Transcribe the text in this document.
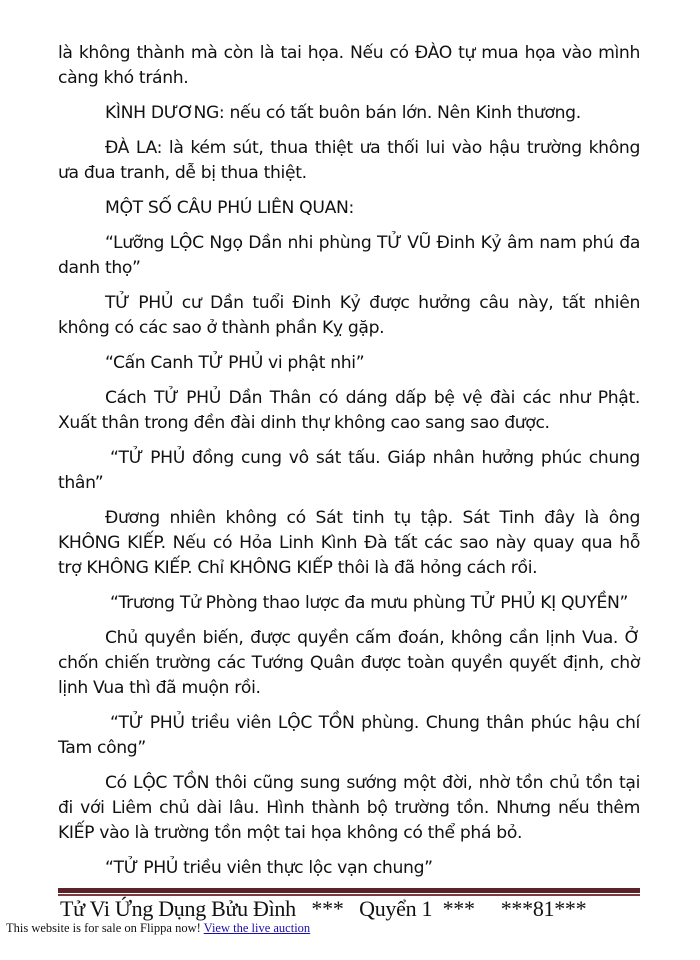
là không thành mà còn là tai họa. Nếu có ĐÀO tự mua họa vào mình càng khó tránh.

KÌNH DƯƠNG: nếu có tất buôn bán lớn. Nên Kinh thương.

ĐÀ LA: là kém sút, thua thiệt ưa thối lui vào hậu trường không ưa đua tranh, dễ bị thua thiệt.

MỘT SỐ CÂU PHÚ LIÊN QUAN:

“Lưỡng LỘC Ngọ Dần nhi phùng TỬ VŨ Đinh Kỷ âm nam phú đa danh thọ”

TỬ PHỦ cư Dần tuổi Đinh Kỷ được hưởng câu này, tất nhiên không có các sao ở thành phần Kỵ gặp.

“Cấn Canh TỬ PHỦ vi phật nhi”

Cách TỬ PHỦ Dần Thân có dáng dấp bệ vệ đài các như Phật. Xuất thân trong đền đài dinh thự không cao sang sao được.

“TỬ PHỦ đồng cung vô sát tấu. Giáp nhân hưởng phúc chung thân”

Đương nhiên không có Sát tinh tụ tập. Sát Tinh đây là ông KHÔNG KIẾP. Nếu có Hỏa Linh Kình Đà tất các sao này quay qua hỗ trợ KHÔNG KIẾP. Chỉ KHÔNG KIẾP thôi là đã hỏng cách rồi.

“Trương Tử Phòng thao lược đa mưu phùng TỬ PHỦ KỊ QUYỀN”

Chủ quyền biến, được quyền cấm đoán, không cần lịnh Vua. Ở chốn chiến trường các Tướng Quân được toàn quyền quyết định, chờ lịnh Vua thì đã muộn rồi.

“TỬ PHỦ triều viên LỘC TỒN phùng. Chung thân phúc hậu chí Tam công”

Có LỘC TỒN thôi cũng sung sướng một đời, nhờ tồn chủ tồn tại đi với Liêm chủ dài lâu. Hình thành bộ trường tồn. Nhưng nếu thêm KIẾP vào là trường tồn một tai họa không có thể phá bỏ.

“TỬ PHỦ triều viên thực lộc vạn chung”

Tử Vi Ứng Dụng Bửu Đình *** Quyển 1 *** ***81***
This website is for sale on Flippa now! View the live auction
